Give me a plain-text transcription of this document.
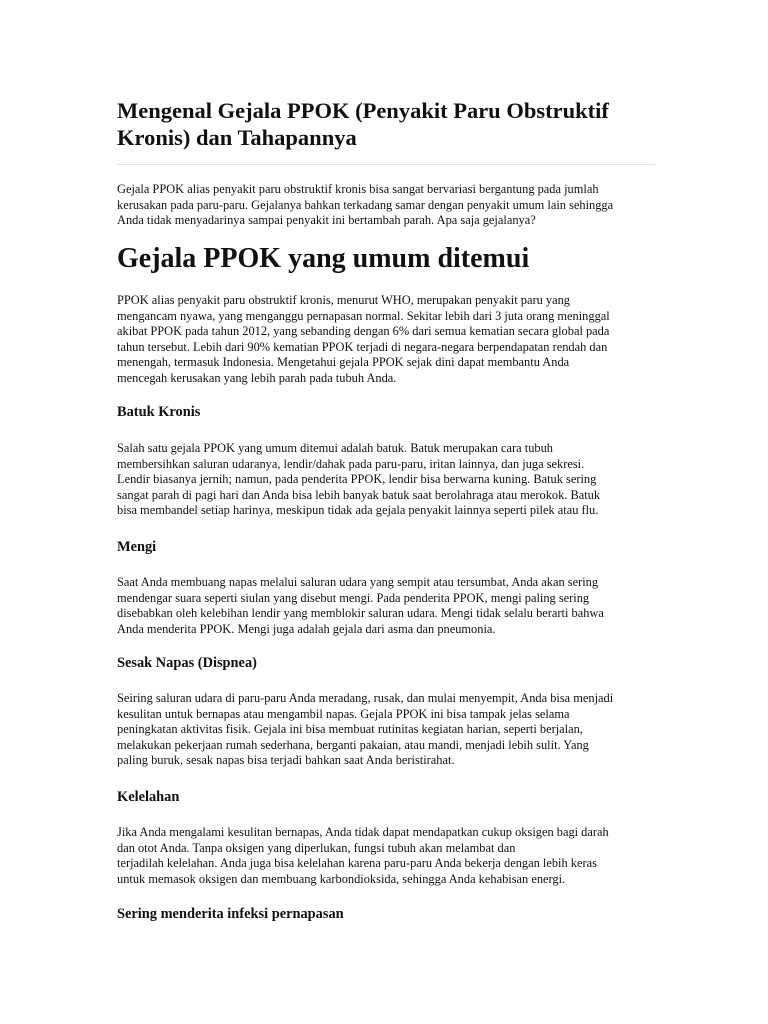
Mengenal Gejala PPOK (Penyakit Paru Obstruktif
Kronis) dan Tahapannya

Gejala PPOK alias penyakit paru obstruktif kronis bisa sangat bervariasi bergantung pada jumlah
kerusakan pada paru-paru. Gejalanya bahkan terkadang samar dengan penyakit umum lain sehingga
Anda tidak menyadarinya sampai penyakit ini bertambah parah. Apa saja gejalanya?

Gejala PPOK yang umum ditemui

PPOK alias penyakit paru obstruktif kronis, menurut WHO, merupakan penyakit paru yang
mengancam nyawa, yang menganggu pernapasan normal. Sekitar lebih dari 3 juta orang meninggal
akibat PPOK pada tahun 2012, yang sebanding dengan 6% dari semua kematian secara global pada
tahun tersebut. Lebih dari 90% kematian PPOK terjadi di negara-negara berpendapatan rendah dan
menengah, termasuk Indonesia. Mengetahui gejala PPOK sejak dini dapat membantu Anda
mencegah kerusakan yang lebih parah pada tubuh Anda.

Batuk Kronis

Salah satu gejala PPOK yang umum ditemui adalah batuk. Batuk merupakan cara tubuh
membersihkan saluran udaranya, lendir/dahak pada paru-paru, iritan lainnya, dan juga sekresi.
Lendir biasanya jernih; namun, pada penderita PPOK, lendir bisa berwarna kuning. Batuk sering
sangat parah di pagi hari dan Anda bisa lebih banyak batuk saat berolahraga atau merokok. Batuk
bisa membandel setiap harinya, meskipun tidak ada gejala penyakit lainnya seperti pilek atau flu.

Mengi

Saat Anda membuang napas melalui saluran udara yang sempit atau tersumbat, Anda akan sering
mendengar suara seperti siulan yang disebut mengi. Pada penderita PPOK, mengi paling sering
disebabkan oleh kelebihan lendir yang memblokir saluran udara. Mengi tidak selalu berarti bahwa
Anda menderita PPOK. Mengi juga adalah gejala dari asma dan pneumonia.

Sesak Napas (Dispnea)

Seiring saluran udara di paru-paru Anda meradang, rusak, dan mulai menyempit, Anda bisa menjadi
kesulitan untuk bernapas atau mengambil napas. Gejala PPOK ini bisa tampak jelas selama
peningkatan aktivitas fisik. Gejala ini bisa membuat rutinitas kegiatan harian, seperti berjalan,
melakukan pekerjaan rumah sederhana, berganti pakaian, atau mandi, menjadi lebih sulit. Yang
paling buruk, sesak napas bisa terjadi bahkan saat Anda beristirahat.

Kelelahan

Jika Anda mengalami kesulitan bernapas, Anda tidak dapat mendapatkan cukup oksigen bagi darah
dan otot Anda. Tanpa oksigen yang diperlukan, fungsi tubuh akan melambat dan
terjadilah kelelahan. Anda juga bisa kelelahan karena paru-paru Anda bekerja dengan lebih keras
untuk memasok oksigen dan membuang karbondioksida, sehingga Anda kehabisan energi.

Sering menderita infeksi pernapasan
